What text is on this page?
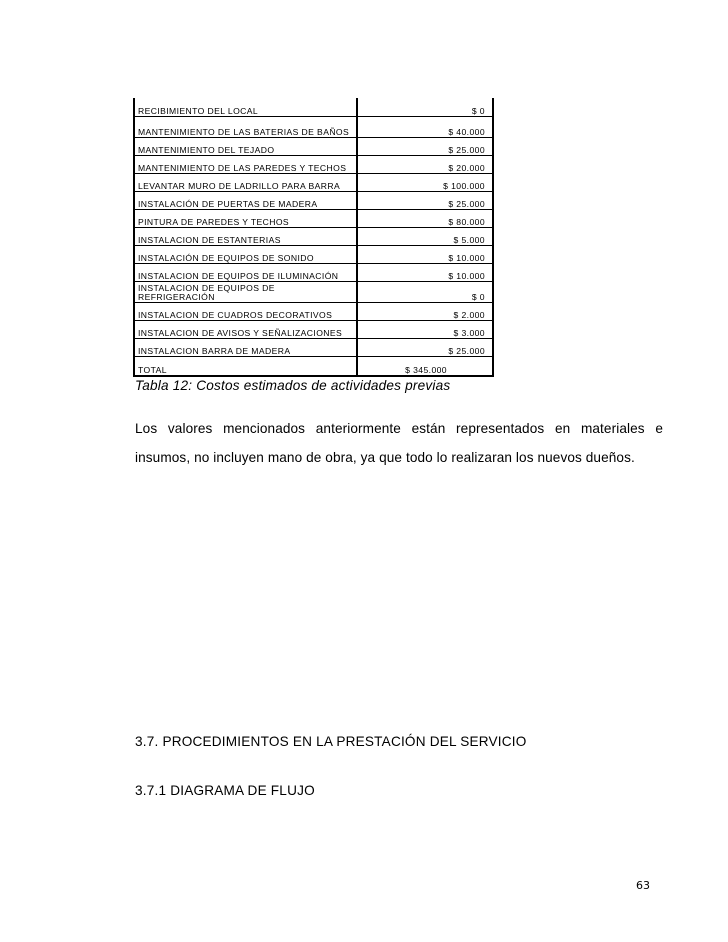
RECIBIMIENTO DEL LOCAL	$ 0
MANTENIMIENTO DE LAS BATERIAS DE BAÑOS	$ 40.000
MANTENIMIENTO DEL TEJADO	$ 25.000
MANTENIMIENTO DE LAS PAREDES Y TECHOS	$ 20.000
LEVANTAR MURO DE LADRILLO PARA BARRA	$ 100.000
INSTALACIÓN DE PUERTAS DE MADERA	$ 25.000
PINTURA DE PAREDES Y TECHOS	$ 80.000
INSTALACION DE ESTANTERIAS	$ 5.000
INSTALACIÓN DE EQUIPOS DE SONIDO	$ 10.000
INSTALACION DE EQUIPOS DE ILUMINACIÓN	$ 10.000
INSTALACION DE EQUIPOS DE REFRIGERACIÓN	$ 0
INSTALACION DE CUADROS DECORATIVOS	$ 2.000
INSTALACION DE AVISOS Y SEÑALIZACIONES	$ 3.000
INSTALACION BARRA DE MADERA	$ 25.000
TOTAL	$ 345.000
Tabla 12: Costos estimados de actividades previas

Los valores mencionados anteriormente están representados en materiales e insumos, no incluyen mano de obra, ya que todo lo realizaran los nuevos dueños.

3.7. PROCEDIMIENTOS EN LA PRESTACIÓN DEL SERVICIO
3.7.1 DIAGRAMA DE FLUJO
63
